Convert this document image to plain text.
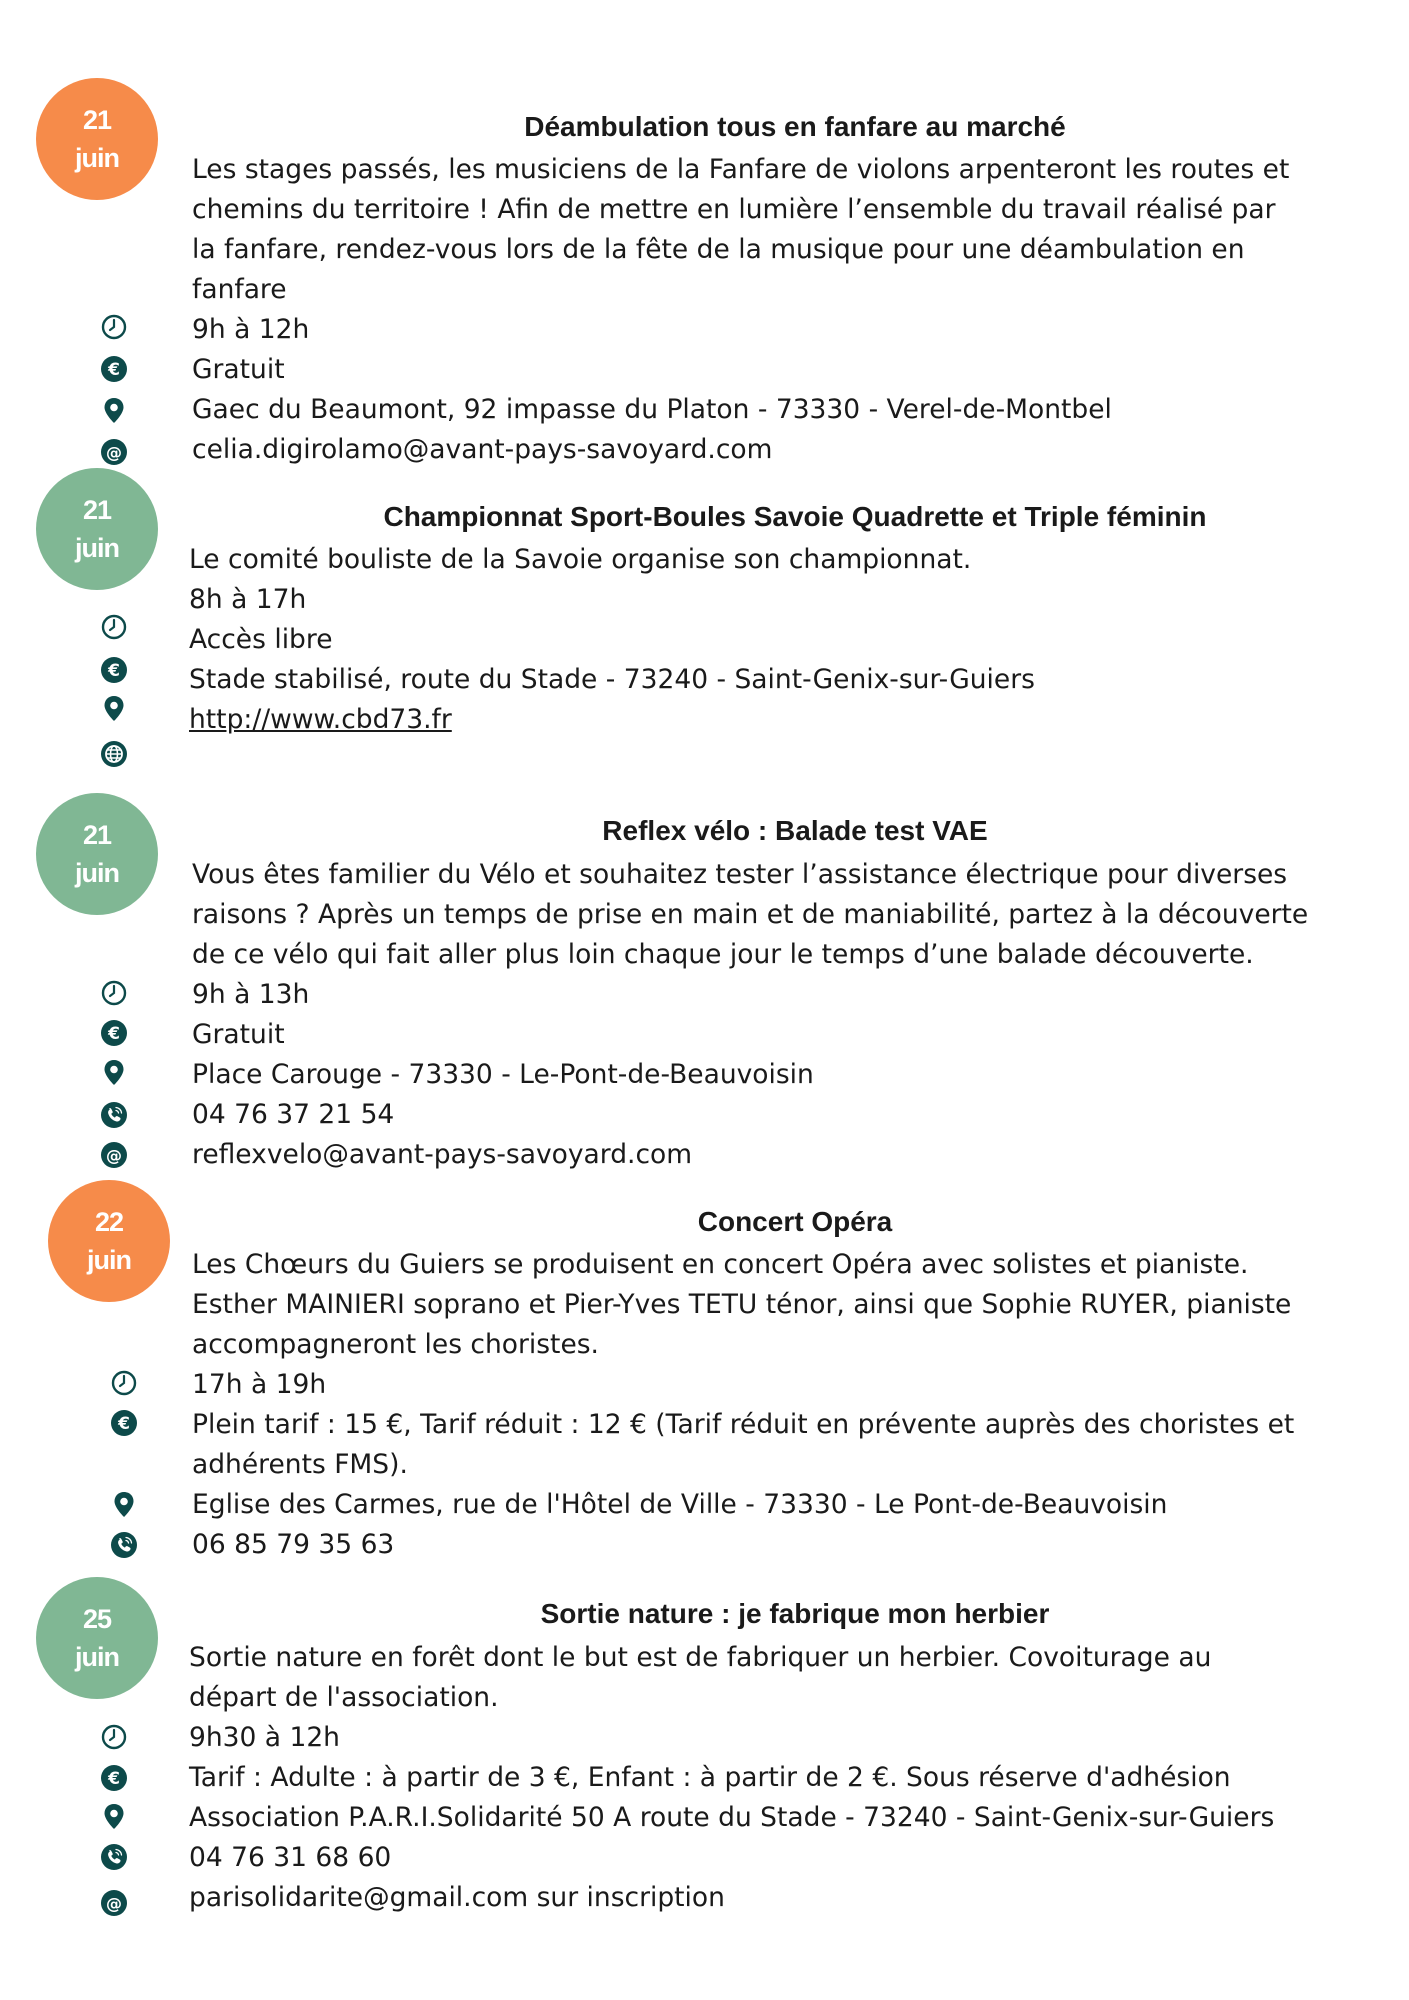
21
juin
Déambulation tous en fanfare au marché
Les stages passés, les musiciens de la Fanfare de violons arpenteront les routes et
chemins du territoire ! Afin de mettre en lumière l’ensemble du travail réalisé par
la fanfare, rendez-vous lors de la fête de la musique pour une déambulation en
fanfare
9h à 12h
€	Gratuit
Gaec du Beaumont, 92 impasse du Platon - 73330 - Verel-de-Montbel
@	celia.digirolamo@avant-pays-savoyard.com
21
juin
Championnat Sport-Boules Savoie Quadrette et Triple féminin
Le comité bouliste de la Savoie organise son championnat.
8h à 17h
€
Accès libre
Stade stabilisé, route du Stade - 73240 - Saint-Genix-sur-Guiers
http://www.cbd73.fr
21
juin
Reflex vélo : Balade test VAE
Vous êtes familier du Vélo et souhaitez tester l’assistance électrique pour diverses
raisons ? Après un temps de prise en main et de maniabilité, partez à la découverte
de ce vélo qui fait aller plus loin chaque jour le temps d’une balade découverte.
9h à 13h
€	Gratuit
Place Carouge - 73330 - Le-Pont-de-Beauvoisin
04 76 37 21 54
@	reflexvelo@avant-pays-savoyard.com
22
juin
Concert Opéra
Les Chœurs du Guiers se produisent en concert Opéra avec solistes et pianiste.
Esther MAINIERI soprano et Pier-Yves TETU ténor, ainsi que Sophie RUYER, pianiste
accompagneront les choristes.
17h à 19h
€ Plein tarif : 15 €, Tarif réduit : 12 € (Tarif réduit en prévente auprès des choristes et
adhérents FMS).
Eglise des Carmes, rue de l'Hôtel de Ville - 73330 - Le Pont-de-Beauvoisin
06 85 79 35 63
25
juin
Sortie nature : je fabrique mon herbier
Sortie nature en forêt dont le but est de fabriquer un herbier. Covoiturage au
départ de l'association.
9h30 à 12h
€	Tarif : Adulte : à partir de 3 €, Enfant : à partir de 2 €. Sous réserve d'adhésion
Association P.A.R.I.Solidarité 50 A route du Stade - 73240 - Saint-Genix-sur-Guiers
04 76 31 68 60
@	parisolidarite@gmail.com sur inscription
